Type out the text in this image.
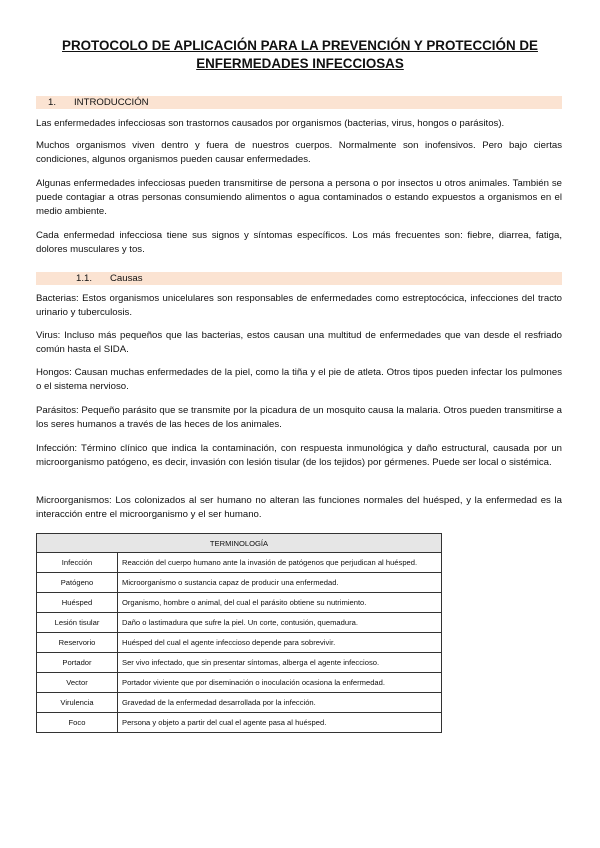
PROTOCOLO DE APLICACIÓN PARA LA PREVENCIÓN Y PROTECCIÓN DE ENFERMEDADES INFECCIOSAS
1. INTRODUCCIÓN
Las enfermedades infecciosas son trastornos causados por organismos (bacterias, virus, hongos o parásitos).
Muchos organismos viven dentro y fuera de nuestros cuerpos. Normalmente son inofensivos. Pero bajo ciertas condiciones, algunos organismos pueden causar enfermedades.
Algunas enfermedades infecciosas pueden transmitirse de persona a persona o por insectos u otros animales. También se puede contagiar a otras personas consumiendo alimentos o agua contaminados o estando expuestos a organismos en el medio ambiente.
Cada enfermedad infecciosa tiene sus signos y síntomas específicos. Los más frecuentes son: fiebre, diarrea, fatiga, dolores musculares y tos.
1.1. Causas
Bacterias: Estos organismos unicelulares son responsables de enfermedades como estreptocócica, infecciones del tracto urinario y tuberculosis.
Virus: Incluso más pequeños que las bacterias, estos causan una multitud de enfermedades que van desde el resfriado común hasta el SIDA.
Hongos: Causan muchas enfermedades de la piel, como la tiña y el pie de atleta. Otros tipos pueden infectar los pulmones o el sistema nervioso.
Parásitos: Pequeño parásito que se transmite por la picadura de un mosquito causa la malaria. Otros pueden transmitirse a los seres humanos a través de las heces de los animales.
Infección: Término clínico que indica la contaminación, con respuesta inmunológica y daño estructural, causada por un microorganismo patógeno, es decir, invasión con lesión tisular (de los tejidos) por gérmenes. Puede ser local o sistémica.
Microorganismos: Los colonizados al ser humano no alteran las funciones normales del huésped, y la enfermedad es la interacción entre el microorganismo y el ser humano.
TERMINOLOGÍA	
Infección	Reacción del cuerpo humano ante la invasión de patógenos que perjudican al huésped.
Patógeno	Microorganismo o sustancia capaz de producir una enfermedad.
Huésped	Organismo, hombre o animal, del cual el parásito obtiene su nutrimiento.
Lesión tisular	Daño o lastimadura que sufre la piel. Un corte, contusión, quemadura.
Reservorio	Huésped del cual el agente infeccioso depende para sobrevivir.
Portador	Ser vivo infectado, que sin presentar síntomas, alberga el agente infeccioso.
Vector	Portador viviente que por diseminación o inoculación ocasiona la enfermedad.
Virulencia	Gravedad de la enfermedad desarrollada por la infección.
Foco	Persona y objeto a partir del cual el agente pasa al huésped.
